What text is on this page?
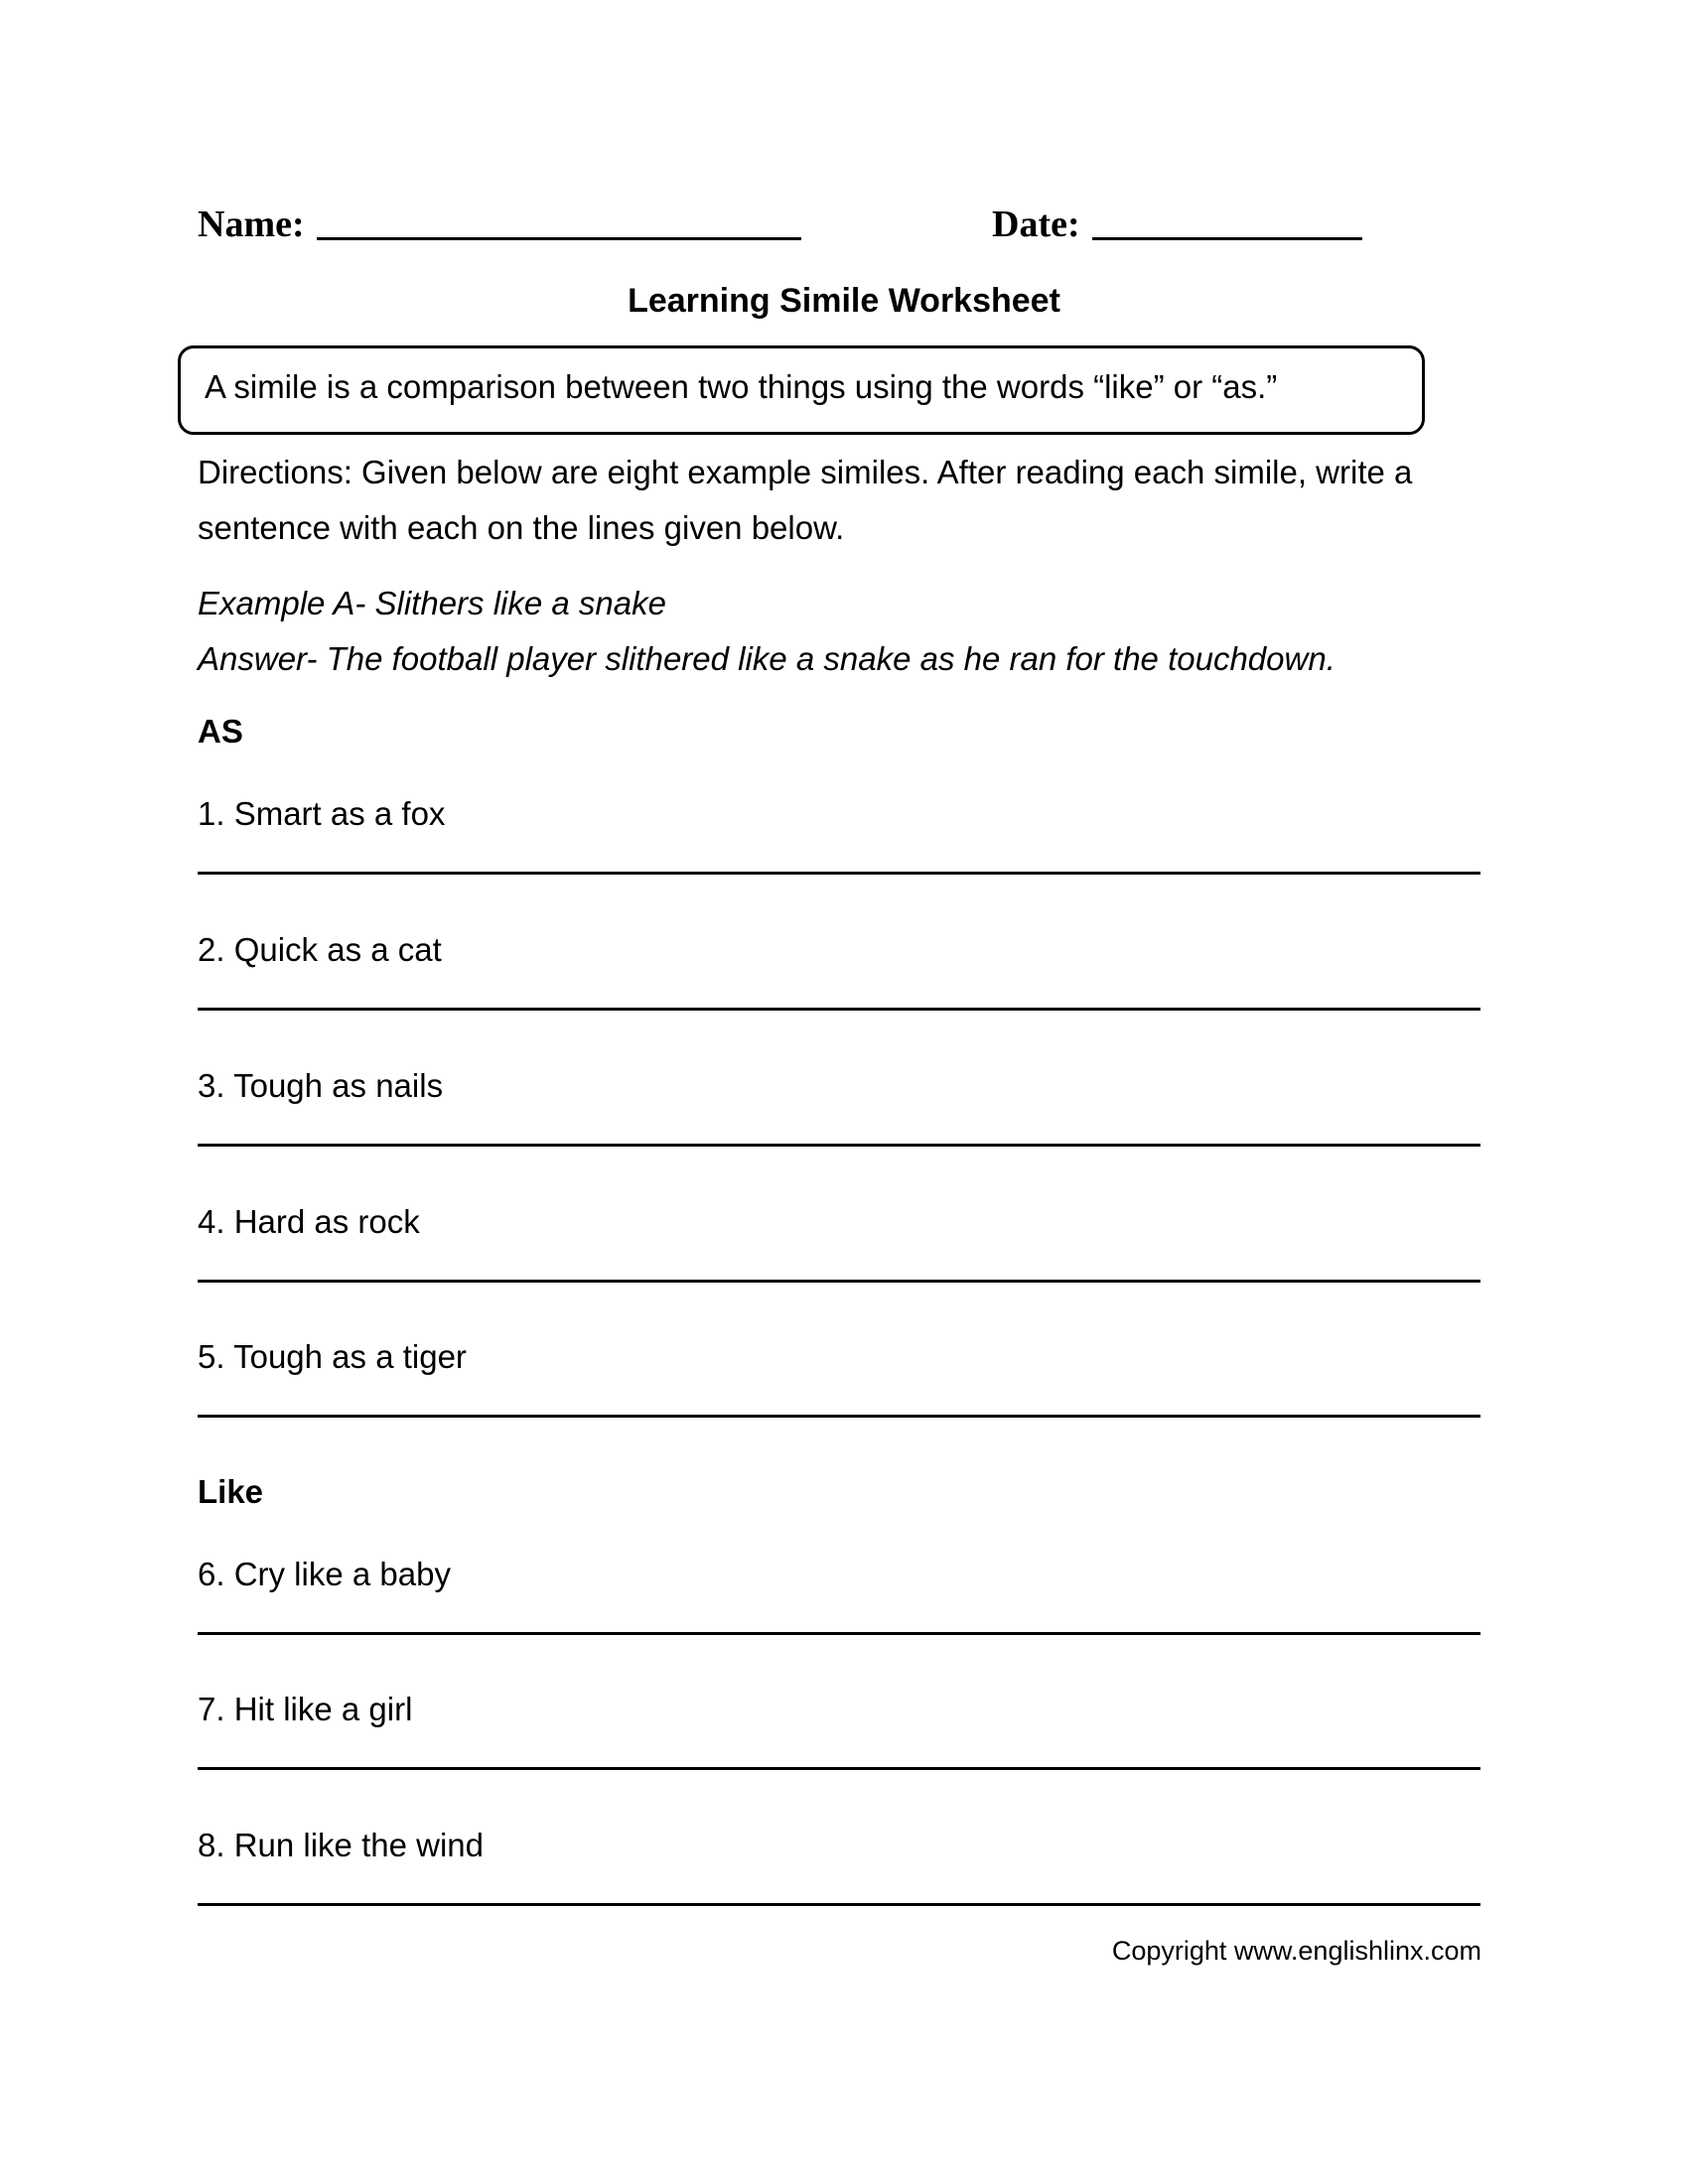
Name:	Date:
Learning Simile Worksheet
A simile is a comparison between two things using the words “like” or “as.”
Directions: Given below are eight example similes. After reading each simile, write a sentence with each on the lines given below.
Example A- Slithers like a snake
Answer- The football player slithered like a snake as he ran for the touchdown.
AS
1. Smart as a fox
2. Quick as a cat
3. Tough as nails
4. Hard as rock
5. Tough as a tiger
Like
6. Cry like a baby
7. Hit like a girl
8. Run like the wind
Copyright www.englishlinx.com
